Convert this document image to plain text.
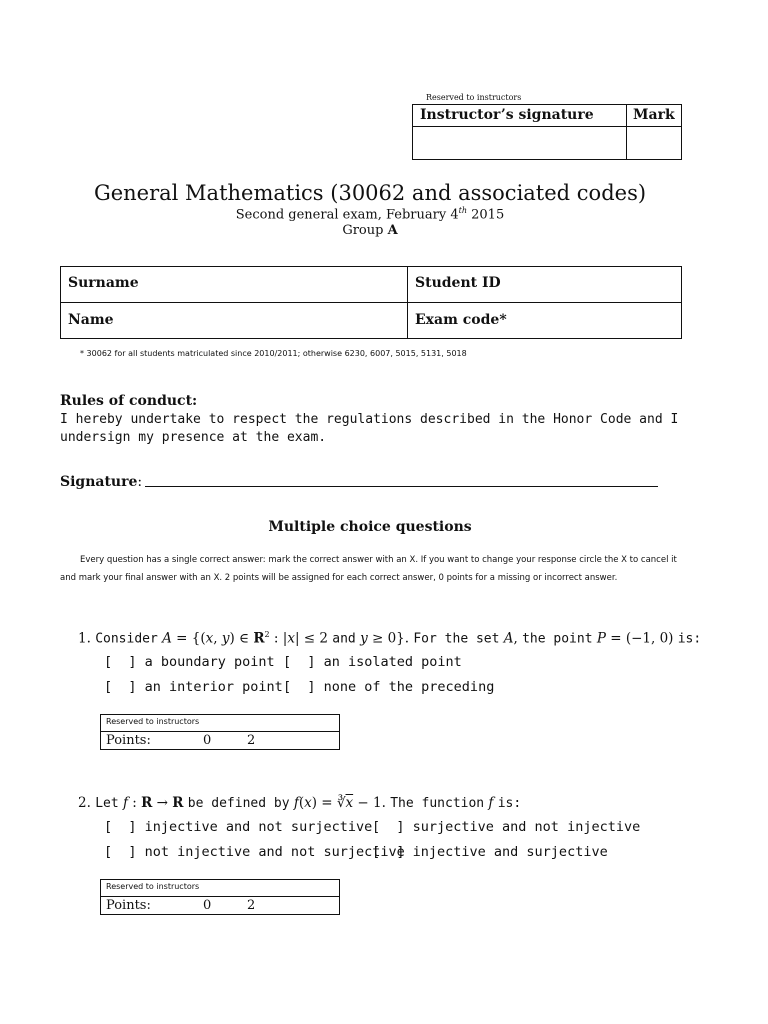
Reserved to instructors
Instructor’s signature	Mark
General Mathematics (30062 and associated codes)
Second general exam, February 4th 2015
Group A
Surname	Student ID
Name	Exam code*
* 30062 for all students matriculated since 2010/2011; otherwise 6230, 6007, 5015, 5131, 5018
Rules of conduct:
I hereby undertake to respect the regulations described in the Honor Code and I undersign my presence at the exam.
Signature:
Multiple choice questions
Every question has a single correct answer: mark the correct answer with an X. If you want to change your response circle the X to cancel it and mark your final answer with an X. 2 points will be assigned for each correct answer, 0 points for a missing or incorrect answer.
1. Consider A = {(x, y) ∈ $R^2$ : |x| ≤ 2 and y ≥ 0}. For the set A, the point P = (−1, 0) is:
[  ] a boundary point [  ] an isolated point
[  ] an interior point [  ] none of the preceding
Reserved to instructors
Points:	0	2
2. Let f : R → R be defined by $f(x) = ∛\overline{x} - 1$. The function f is:
[  ] injective and not surjective [  ] surjective and not injective
[  ] not injective and not surjective
[  ] injective and surjective
Reserved to instructors
Points:	0	2
